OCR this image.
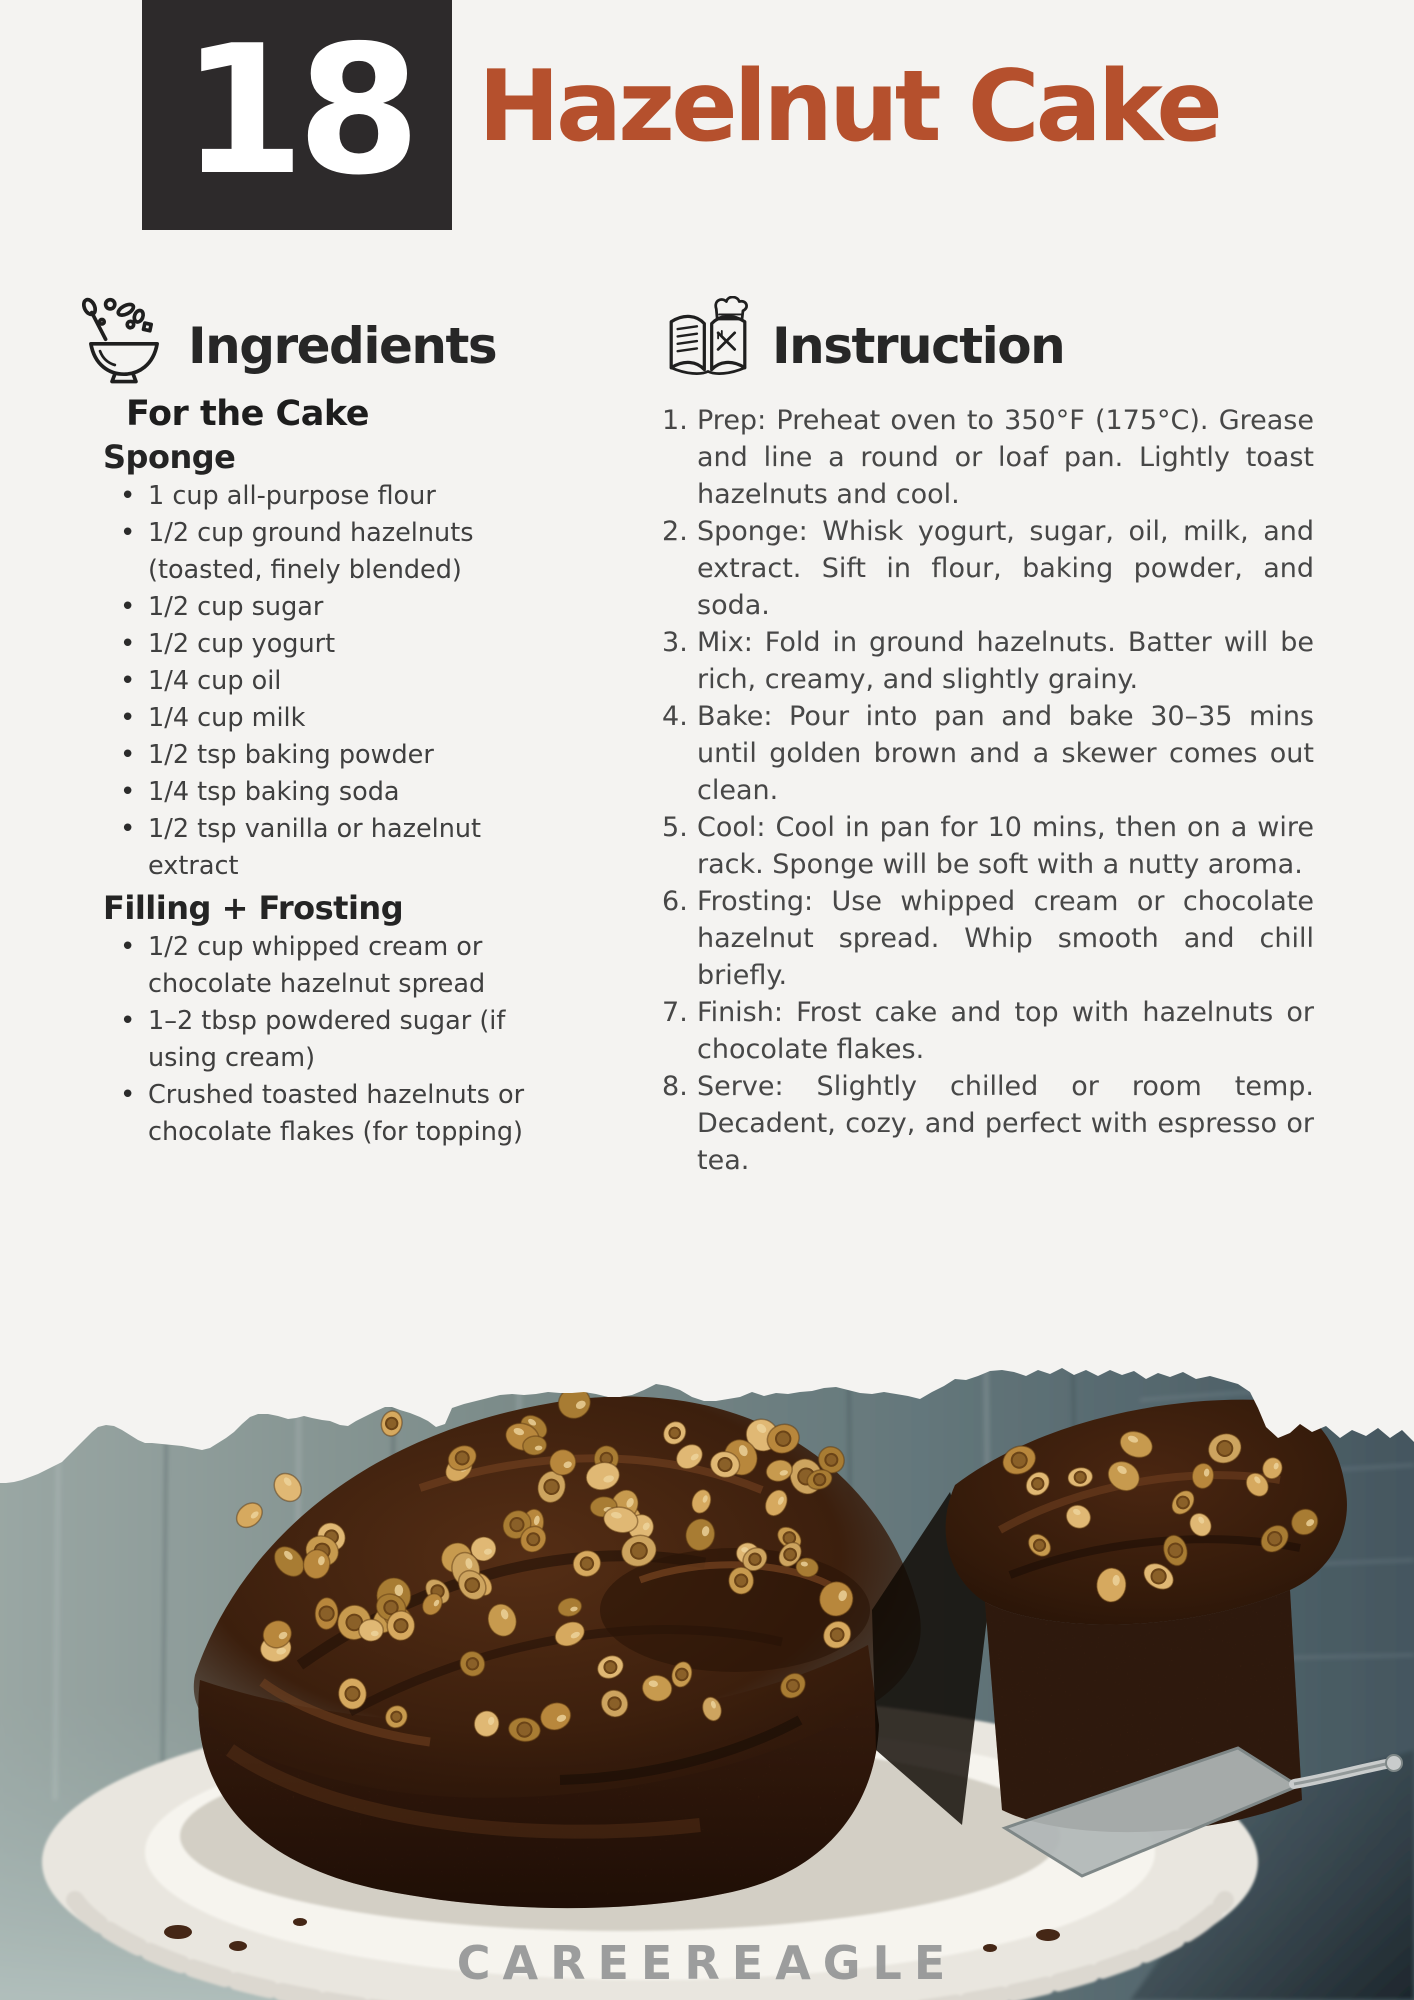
18 Hazelnut Cake
Ingredients
For the Cake
Sponge
• 1 cup all-purpose flour
• 1/2 cup ground hazelnuts (toasted, finely blended)
• 1/2 cup sugar
• 1/2 cup yogurt
• 1/4 cup oil
• 1/4 cup milk
• 1/2 tsp baking powder
• 1/4 tsp baking soda
• 1/2 tsp vanilla or hazelnut extract
Filling + Frosting
• 1/2 cup whipped cream or chocolate hazelnut spread
• 1–2 tbsp powdered sugar (if using cream)
• Crushed toasted hazelnuts or chocolate flakes (for topping)
Instruction
Prep: Preheat oven to 350°F (175°C). Grease and line a round or loaf pan. Lightly toast hazelnuts and cool.
Sponge: Whisk yogurt, sugar, oil, milk, and extract. Sift in flour, baking powder, and soda.
Mix: Fold in ground hazelnuts. Batter will be rich, creamy, and slightly grainy.
Bake: Pour into pan and bake 30–35 mins until golden brown and a skewer comes out clean.
Cool: Cool in pan for 10 mins, then on a wire rack. Sponge will be soft with a nutty aroma.
Frosting: Use whipped cream or chocolate hazelnut spread. Whip smooth and chill briefly.
Finish: Frost cake and top with hazelnuts or chocolate flakes.
Serve: Slightly chilled or room temp. Decadent, cozy, and perfect with espresso or tea.
CAREEREAGLE
